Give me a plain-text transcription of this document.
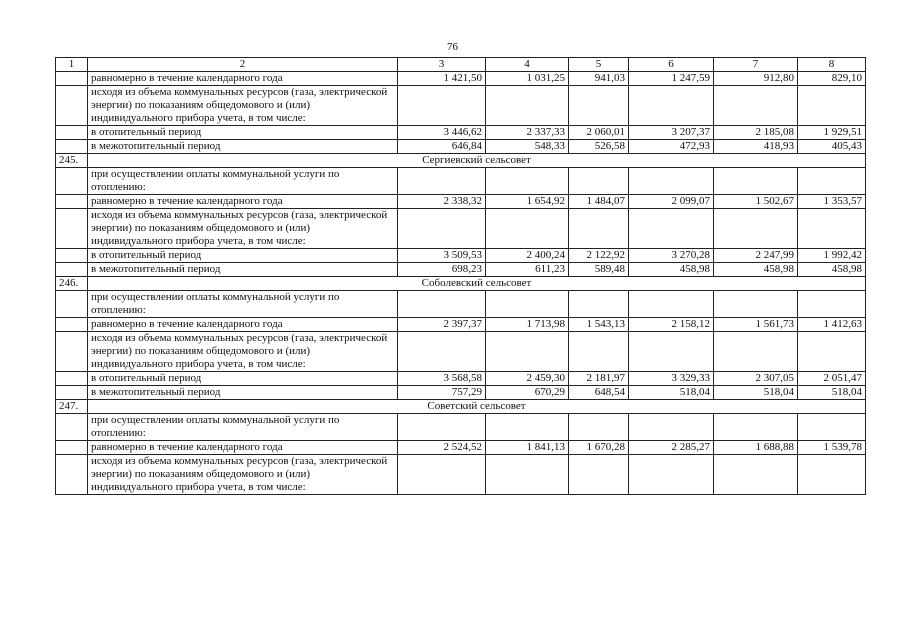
76
1	2	3	4	5	6	7	8
	равномерно в течение календарного года	1 421,50	1 031,25	941,03	1 247,59	912,80	829,10
	исходя из объема коммунальных ресурсов (газа, электрической энергии) по показаниям общедомового и (или) индивидуального прибора учета, в том числе:						
	в отопительный период	3 446,62	2 337,33	2 060,01	3 207,37	2 185,08	1 929,51
	в межотопительный период	646,84	548,33	526,58	472,93	418,93	405,43
245.	Сергиевский сельсовет						
	при осуществлении оплаты коммунальной услуги по отоплению:						
	равномерно в течение календарного года	2 338,32	1 654,92	1 484,07	2 099,07	1 502,67	1 353,57
	исходя из объема коммунальных ресурсов (газа, электрической энергии) по показаниям общедомового и (или) индивидуального прибора учета, в том числе:						
	в отопительный период	3 509,53	2 400,24	2 122,92	3 270,28	2 247,99	1 992,42
	в межотопительный период	698,23	611,23	589,48	458,98	458,98	458,98
246.	Соболевский сельсовет						
	при осуществлении оплаты коммунальной услуги по отоплению:						
	равномерно в течение календарного года	2 397,37	1 713,98	1 543,13	2 158,12	1 561,73	1 412,63
	исходя из объема коммунальных ресурсов (газа, электрической энергии) по показаниям общедомового и (или) индивидуального прибора учета, в том числе:						
	в отопительный период	3 568,58	2 459,30	2 181,97	3 329,33	2 307,05	2 051,47
	в межотопительный период	757,29	670,29	648,54	518,04	518,04	518,04
247.	Советский сельсовет						
	при осуществлении оплаты коммунальной услуги по отоплению:						
	равномерно в течение календарного года	2 524,52	1 841,13	1 670,28	2 285,27	1 688,88	1 539,78
	исходя из объема коммунальных ресурсов (газа, электрической энергии) по показаниям общедомового и (или) индивидуального прибора учета, в том числе:						
